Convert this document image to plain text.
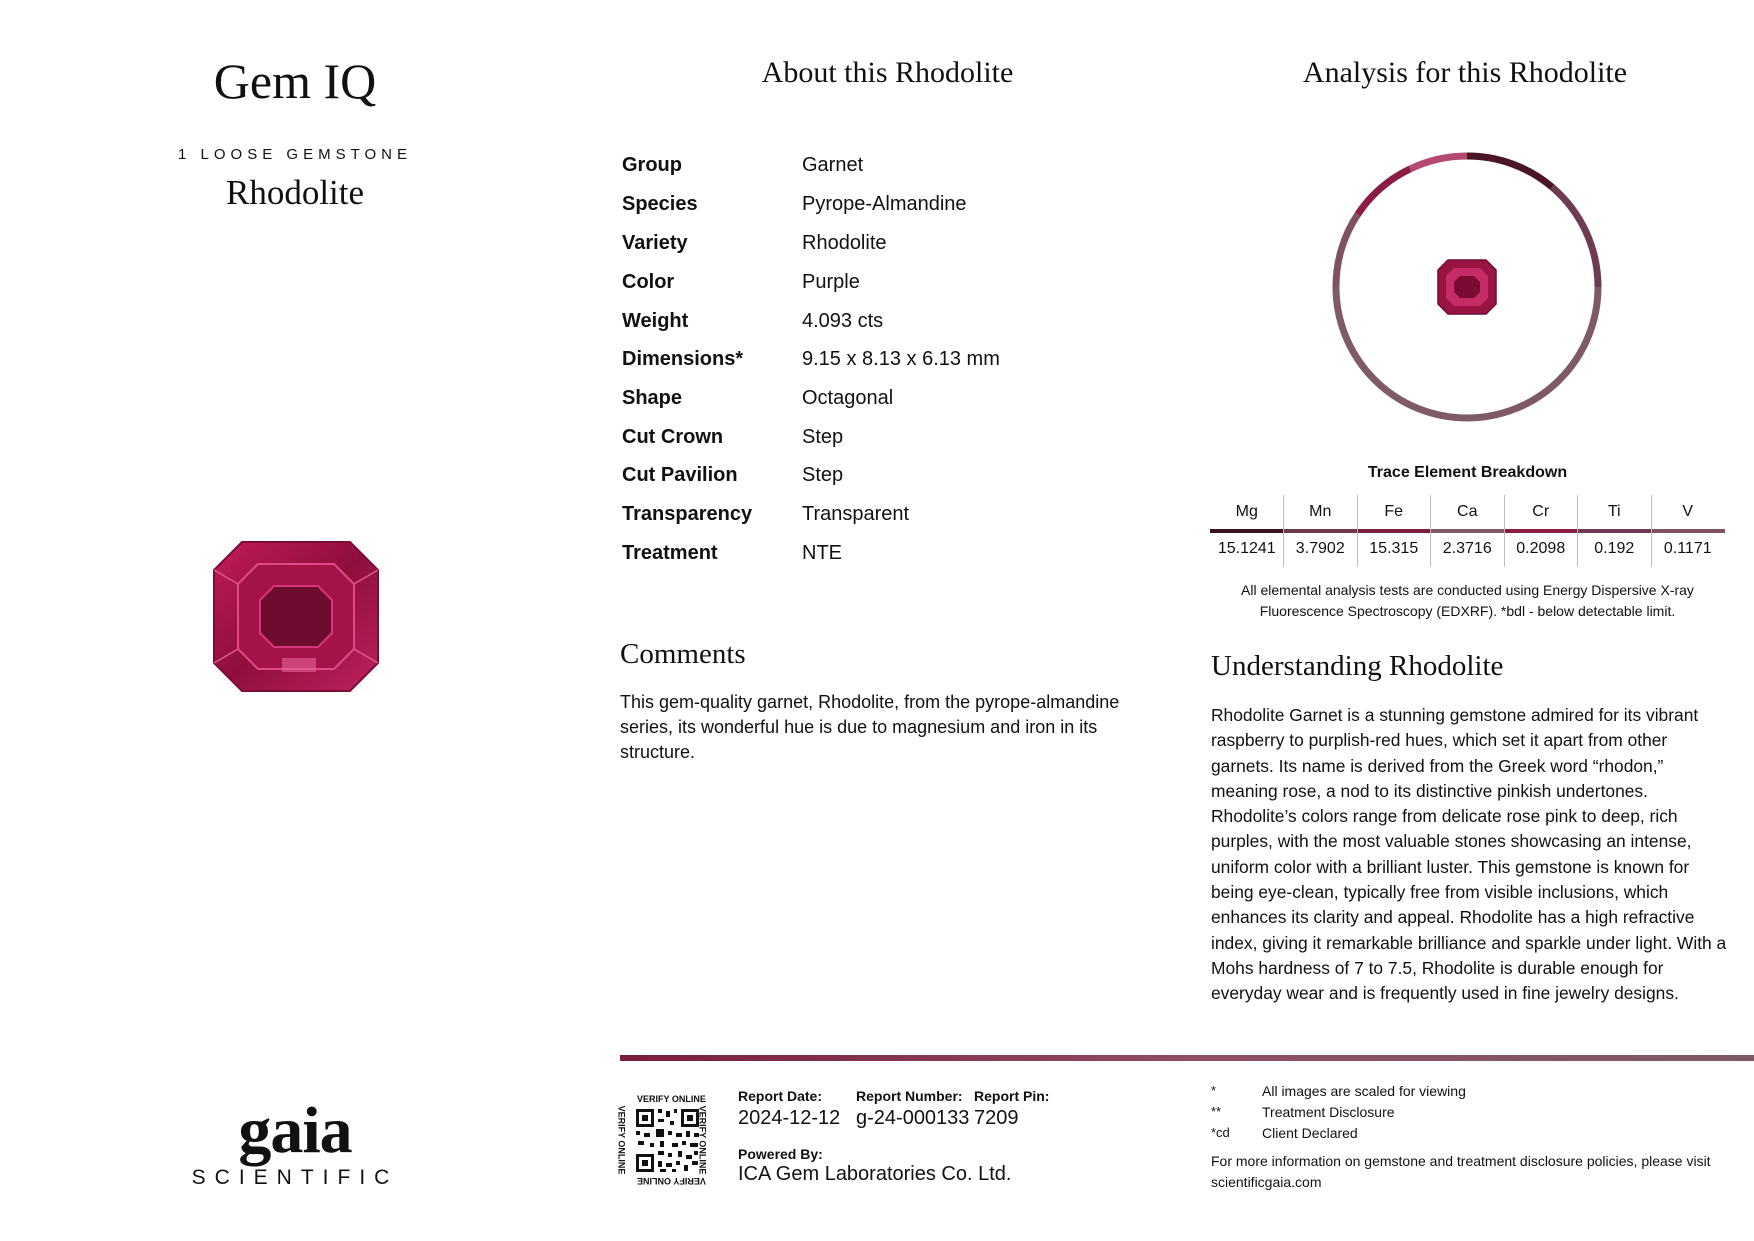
Gem IQ
1 LOOSE GEMSTONE
Rhodolite
gaia
SCIENTIFIC
About this Rhodolite
Group	Garnet
Species	Pyrope-Almandine
Variety	Rhodolite
Color	Purple
Weight	4.093 cts
Dimensions*	9.15 x 8.13 x 6.13 mm
Shape	Octagonal
Cut Crown	Step
Cut Pavilion	Step
Transparency Transparent
Treatment	NTE
Comments
This gem-quality garnet, Rhodolite, from the pyrope-almandine series, its wonderful hue is due to magnesium and iron in its structure.
Analysis for this Rhodolite
Trace Element Breakdown
Mg	Mn	Fe	Ca	Cr	Ti	V
15.1241	3.7902	15.315	2.3716	0.2098	0.192	0.1171
All elemental analysis tests are conducted using Energy Dispersive X-ray Fluorescence Spectroscopy (EDXRF). *bdl - below detectable limit.
Understanding Rhodolite
Rhodolite Garnet is a stunning gemstone admired for its vibrant raspberry to purplish-red hues, which set it apart from other garnets. Its name is derived from the Greek word “rhodon,” meaning rose, a nod to its distinctive pinkish undertones. Rhodolite’s colors range from delicate rose pink to deep, rich purples, with the most valuable stones showcasing an intense, uniform color with a brilliant luster. This gemstone is known for being eye-clean, typically free from visible inclusions, which enhances its clarity and appeal. Rhodolite has a high refractive index, giving it remarkable brilliance and sparkle under light. With a Mohs hardness of 7 to 7.5, Rhodolite is durable enough for everyday wear and is frequently used in fine jewelry designs.
VERIFY ONLINE
VERIFY ONLINE
VERIFY ONLINE	VERIFY ONLINE
Report Date:
2024-12-12
Report Number:
g-24-000133
Report Pin:
7209
Powered By:
ICA Gem Laboratories Co. Ltd.
*	All images are scaled for viewing
**	Treatment Disclosure
*cd Client Declared
For more information on gemstone and treatment disclosure policies, please visit scientificgaia.com
